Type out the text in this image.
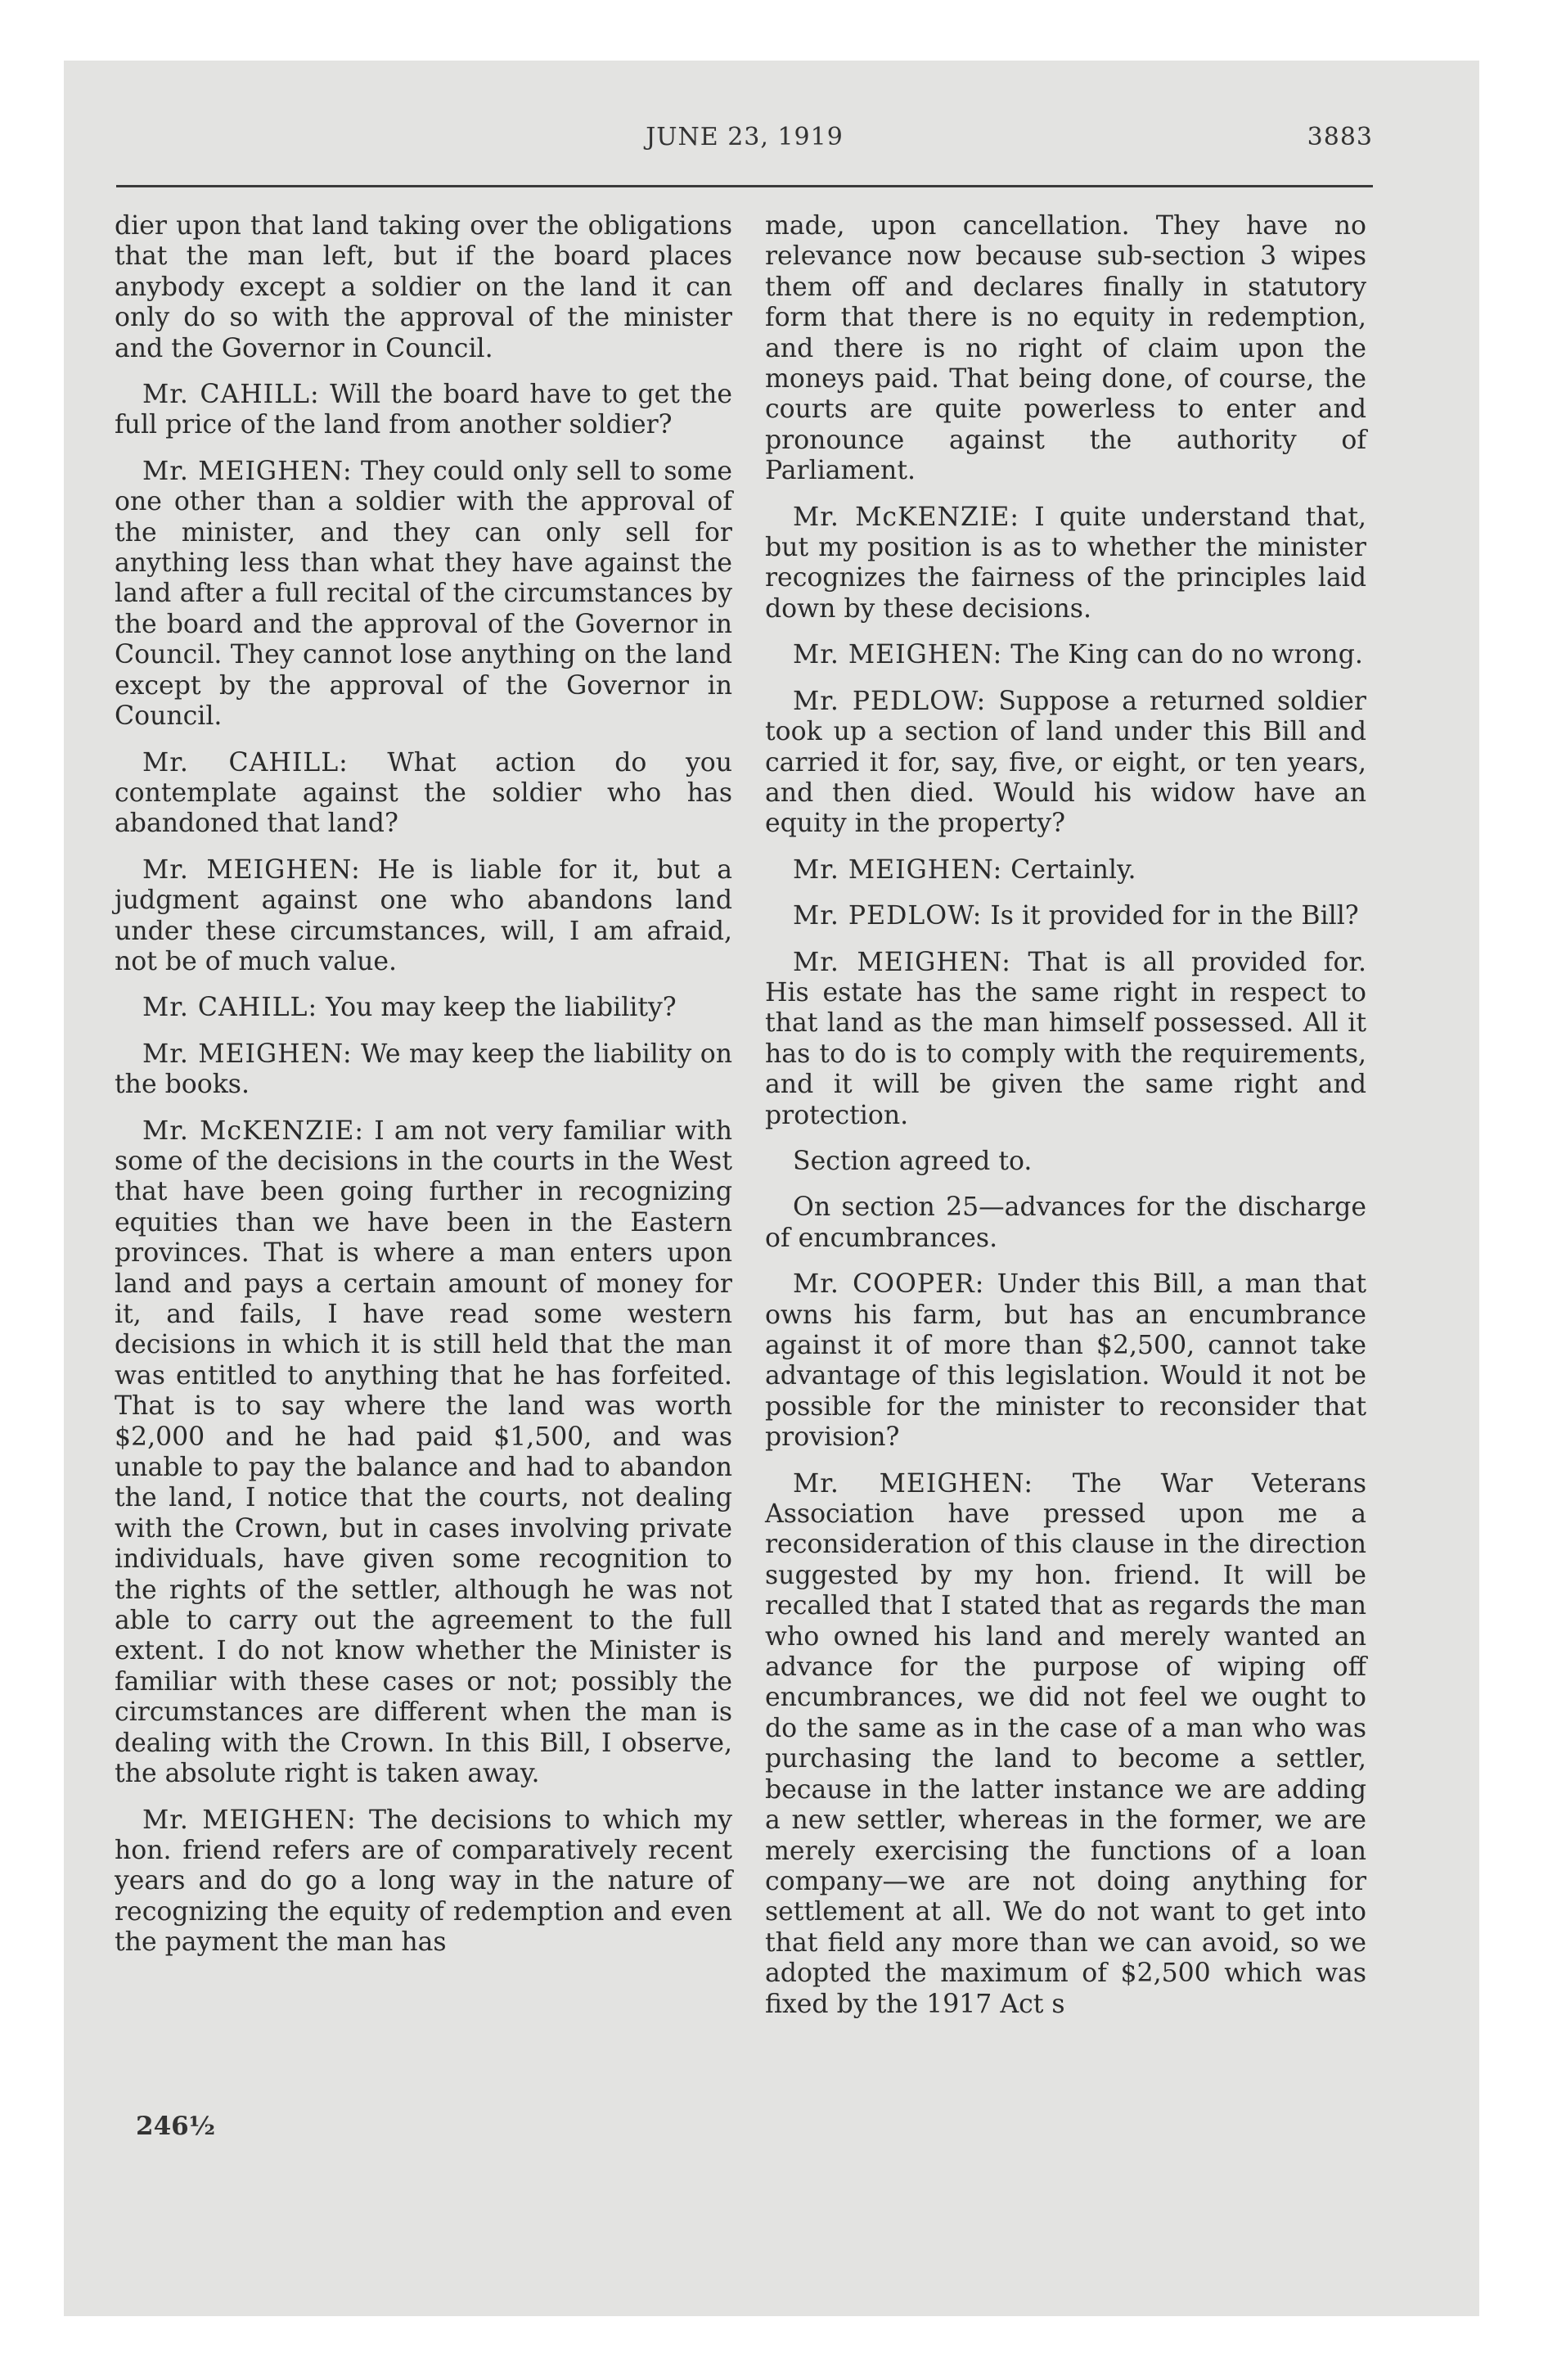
JUNE 23, 1919	3883

dier upon that land taking over the obligations that the man left, but if the board places anybody except a soldier on the land it can only do so with the approval of the minister and the Governor in Council.

Mr. CAHILL: Will the board have to get the full price of the land from another soldier?

Mr. MEIGHEN: They could only sell to some one other than a soldier with the approval of the minister, and they can only sell for anything less than what they have against the land after a full recital of the circumstances by the board and the approval of the Governor in Council. They cannot lose anything on the land except by the approval of the Governor in Council.

Mr. CAHILL: What action do you contemplate against the soldier who has abandoned that land?

Mr. MEIGHEN: He is liable for it, but a judgment against one who abandons land under these circumstances, will, I am afraid, not be of much value.

Mr. CAHILL: You may keep the liability?

Mr. MEIGHEN: We may keep the liability on the books.

Mr. McKENZIE: I am not very familiar with some of the decisions in the courts in the West that have been going further in recognizing equities than we have been in the Eastern provinces. That is where a man enters upon land and pays a certain amount of money for it, and fails, I have read some western decisions in which it is still held that the man was entitled to anything that he has forfeited. That is to say where the land was worth $2,000 and he had paid $1,500, and was unable to pay the balance and had to abandon the land, I notice that the courts, not dealing with the Crown, but in cases involving private individuals, have given some recognition to the rights of the settler, although he was not able to carry out the agreement to the full extent. I do not know whether the Minister is familiar with these cases or not; possibly the circumstances are different when the man is dealing with the Crown. In this Bill, I observe, the absolute right is taken away.

Mr. MEIGHEN: The decisions to which my hon. friend refers are of comparatively recent years and do go a long way in the nature of recognizing the equity of redemption and even the payment the man has

made, upon cancellation. They have no relevance now because sub-section 3 wipes them off and declares finally in statutory form that there is no equity in redemption, and there is no right of claim upon the moneys paid. That being done, of course, the courts are quite powerless to enter and pronounce against the authority of Parliament.

Mr. McKENZIE: I quite understand that, but my position is as to whether the minister recognizes the fairness of the principles laid down by these decisions.

Mr. MEIGHEN: The King can do no wrong.

Mr. PEDLOW: Suppose a returned soldier took up a section of land under this Bill and carried it for, say, five, or eight, or ten years, and then died. Would his widow have an equity in the property?

Mr. MEIGHEN: Certainly.

Mr. PEDLOW: Is it provided for in the Bill?

Mr. MEIGHEN: That is all provided for. His estate has the same right in respect to that land as the man himself possessed. All it has to do is to comply with the requirements, and it will be given the same right and protection.

Section agreed to.

On section 25—advances for the discharge of encumbrances.

Mr. COOPER: Under this Bill, a man that owns his farm, but has an encumbrance against it of more than $2,500, cannot take advantage of this legislation. Would it not be possible for the minister to reconsider that provision?

Mr. MEIGHEN: The War Veterans Association have pressed upon me a reconsideration of this clause in the direction suggested by my hon. friend. It will be recalled that I stated that as regards the man who owned his land and merely wanted an advance for the purpose of wiping off encumbrances, we did not feel we ought to do the same as in the case of a man who was purchasing the land to become a settler, because in the latter instance we are adding a new settler, whereas in the former, we are merely exercising the functions of a loan company—we are not doing anything for settlement at all. We do not want to get into that field any more than we can avoid, so we adopted the maximum of $2,500 which was fixed by the 1917 Act s

246½
